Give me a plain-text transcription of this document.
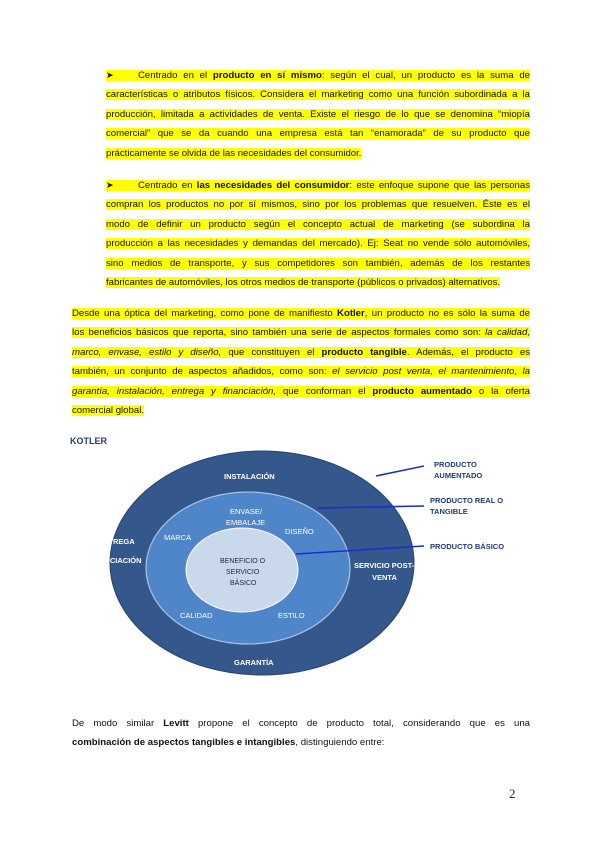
➤	Centrado en el producto en sí mismo: según el cual, un producto es la suma de
características o atributos físicos. Considera el marketing como una función subordinada a la
producción, limitada a actividades de venta. Existe el riesgo de lo que se denomina “miopía
comercial” que se da cuando una empresa está tan “enamorada” de su producto que
prácticamente se olvida de las necesidades del consumidor.
➤	Centrado en las necesidades del consumidor: este enfoque supone que las personas
compran los productos no por sí mismos, sino por los problemas que resuelven. Éste es el
modo de definir un producto según el concepto actual de marketing (se subordina la
producción a las necesidades y demandas del mercado). Ej: Seat no vende sólo automóviles,
sino medios de transporte, y sus competidores son también, además de los restantes
fabricantes de automóviles, los otros medios de transporte (públicos o privados) alternativos.
Desde una óptica del marketing, como pone de manifiesto Kotler, un producto no es sólo la suma de
los beneficios básicos que reporta, sino también una serie de aspectos formales como son: la calidad,
marco, envase, estilo y diseño, que constituyen el producto tangible. Además, el producto es
también, un conjunto de aspectos añadidos, como son: el servicio post venta, el mantenimiento, la
garantía, instalación, entrega y financiación, que conforman el producto aumentado o la oferta
comercial global.
KOTLER
INSTALACIÓN
ENTREGA
Y FINANCIACIÓN
SERVICIO POST-
VENTA
GARANTÍA
ENVASE/
EMBALAJE
MARCA
DISEÑO
CALIDAD	ESTILO
BENEFICIO O
SERVICIO
BÁSICO
PRODUCTO
AUMENTADO
PRODUCTO REAL O
TANGIBLE
PRODUCTO BÁSICO
De modo similar Levitt propone el concepto de producto total, considerando que es una
combinación de aspectos tangibles e intangibles, distinguiendo entre:
2
